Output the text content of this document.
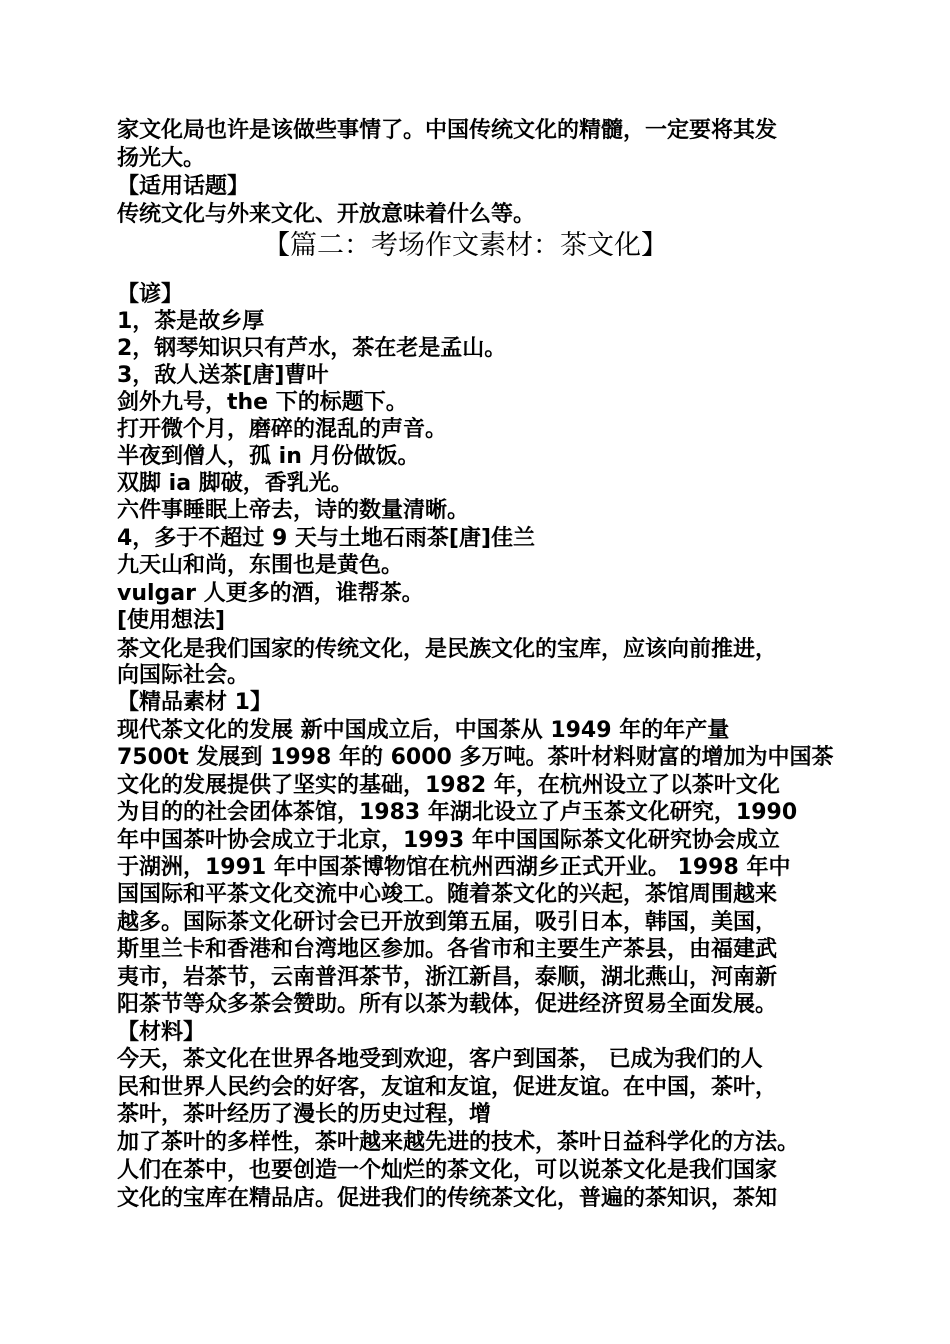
家文化局也许是该做些事情了。中国传统文化的精髓，一定要将其发
扬光大。
【适用话题】
传统文化与外来文化、开放意味着什么等。
【篇二：考场作文素材：茶文化】
【谚】
1，茶是故乡厚
2，钢琴知识只有芦水，茶在老是孟山。
3，敌人送茶[唐]曹叶
剑外九号，the 下的标题下。
打开微个月，磨碎的混乱的声音。
半夜到僧人，孤 in 月份做饭。
双脚 ia 脚破，香乳光。
六件事睡眠上帝去，诗的数量清晰。
4，多于不超过 9 天与土地石雨茶[唐]佳兰
九天山和尚，东围也是黄色。
vulgar 人更多的酒，谁帮茶。
[使用想法]
茶文化是我们国家的传统文化，是民族文化的宝库，应该向前推进，
向国际社会。
【精品素材 1】
现代茶文化的发展 新中国成立后，中国茶从 1949 年的年产量
7500t 发展到 1998 年的 6000 多万吨。茶叶材料财富的增加为中国茶
文化的发展提供了坚实的基础，1982 年，在杭州设立了以茶叶文化
为目的的社会团体茶馆，1983 年湖北设立了卢玉茶文化研究，1990
年中国茶叶协会成立于北京，1993 年中国国际茶文化研究协会成立
于湖洲，1991 年中国茶博物馆在杭州西湖乡正式开业。 1998 年中
国国际和平茶文化交流中心竣工。随着茶文化的兴起，茶馆周围越来
越多。国际茶文化研讨会已开放到第五届，吸引日本，韩国，美国，
斯里兰卡和香港和台湾地区参加。各省市和主要生产茶县，由福建武
夷市，岩茶节，云南普洱茶节，浙江新昌，泰顺，湖北燕山，河南新
阳茶节等众多茶会赞助。所有以茶为载体，促进经济贸易全面发展。
【材料】
今天，茶文化在世界各地受到欢迎，客户到国茶， 已成为我们的人
民和世界人民约会的好客，友谊和友谊，促进友谊。在中国，茶叶，
茶叶，茶叶经历了漫长的历史过程，增
加了茶叶的多样性，茶叶越来越先进的技术，茶叶日益科学化的方法。
人们在茶中，也要创造一个灿烂的茶文化，可以说茶文化是我们国家
文化的宝库在精品店。促进我们的传统茶文化，普遍的茶知识，茶知
